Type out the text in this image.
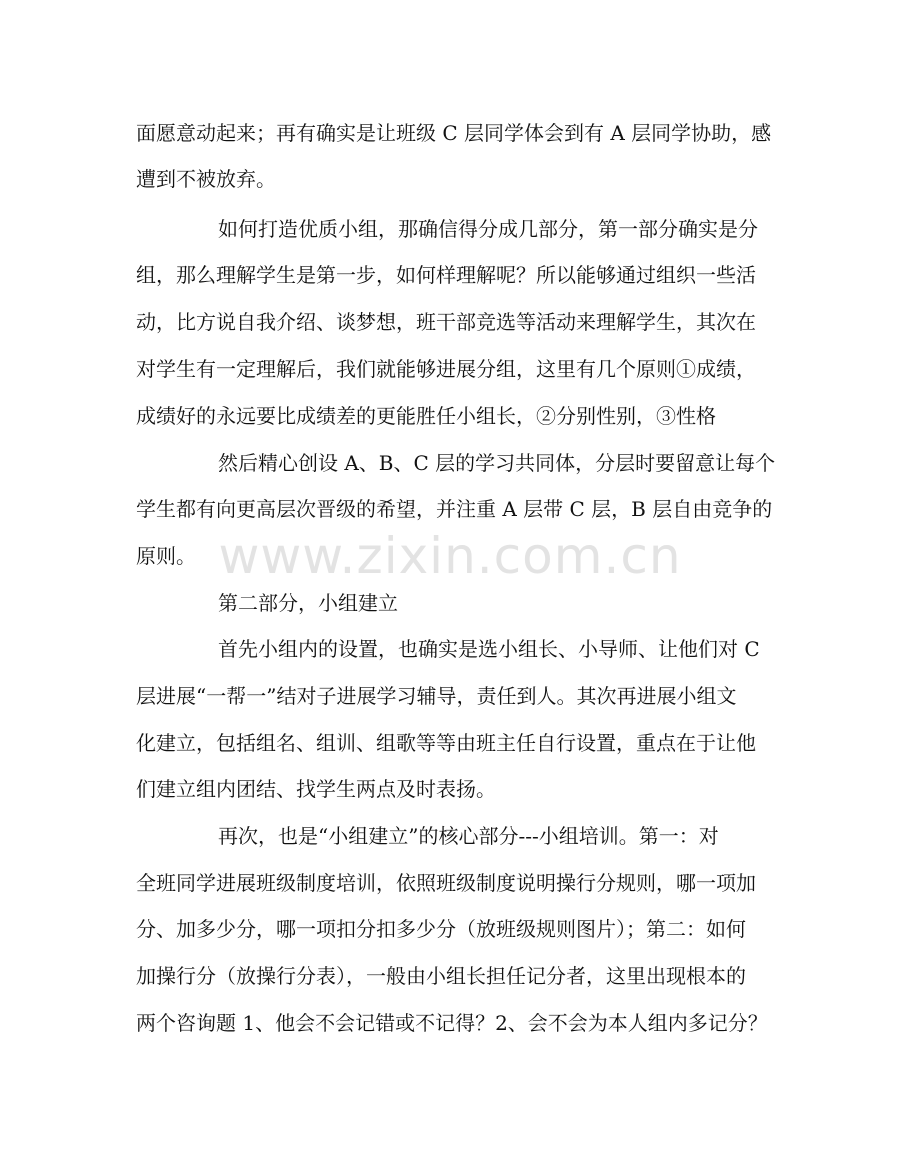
面愿意动起来；再有确实是让班级 C 层同学体会到有 A 层同学协助，感
遭到不被放弃。
如何打造优质小组，那确信得分成几部分，第一部分确实是分
组，那么理解学生是第一步，如何样理解呢？所以能够通过组织一些活
动，比方说自我介绍、谈梦想，班干部竞选等活动来理解学生，其次在
对学生有一定理解后，我们就能够进展分组，这里有几个原则①成绩，
成绩好的永远要比成绩差的更能胜任小组长，②分别性别，③性格
然后精心创设 A、B、C 层的学习共同体，分层时要留意让每个
学生都有向更高层次晋级的希望，并注重 A 层带 C 层，B 层自由竞争的
原则。
第二部分，小组建立
首先小组内的设置，也确实是选小组长、小导师、让他们对 C
层进展“一帮一”结对子进展学习辅导，责任到人。其次再进展小组文
化建立，包括组名、组训、组歌等等由班主任自行设置，重点在于让他
们建立组内团结、找学生两点及时表扬。
再次，也是“小组建立”的核心部分---小组培训。第一：对
全班同学进展班级制度培训，依照班级制度说明操行分规则，哪一项加
分、加多少分，哪一项扣分扣多少分（放班级规则图片）；第二：如何
加操行分（放操行分表），一般由小组长担任记分者，这里出现根本的
两个咨询题 1、他会不会记错或不记得？2、会不会为本人组内多记分？
www.zixin.com.cn
